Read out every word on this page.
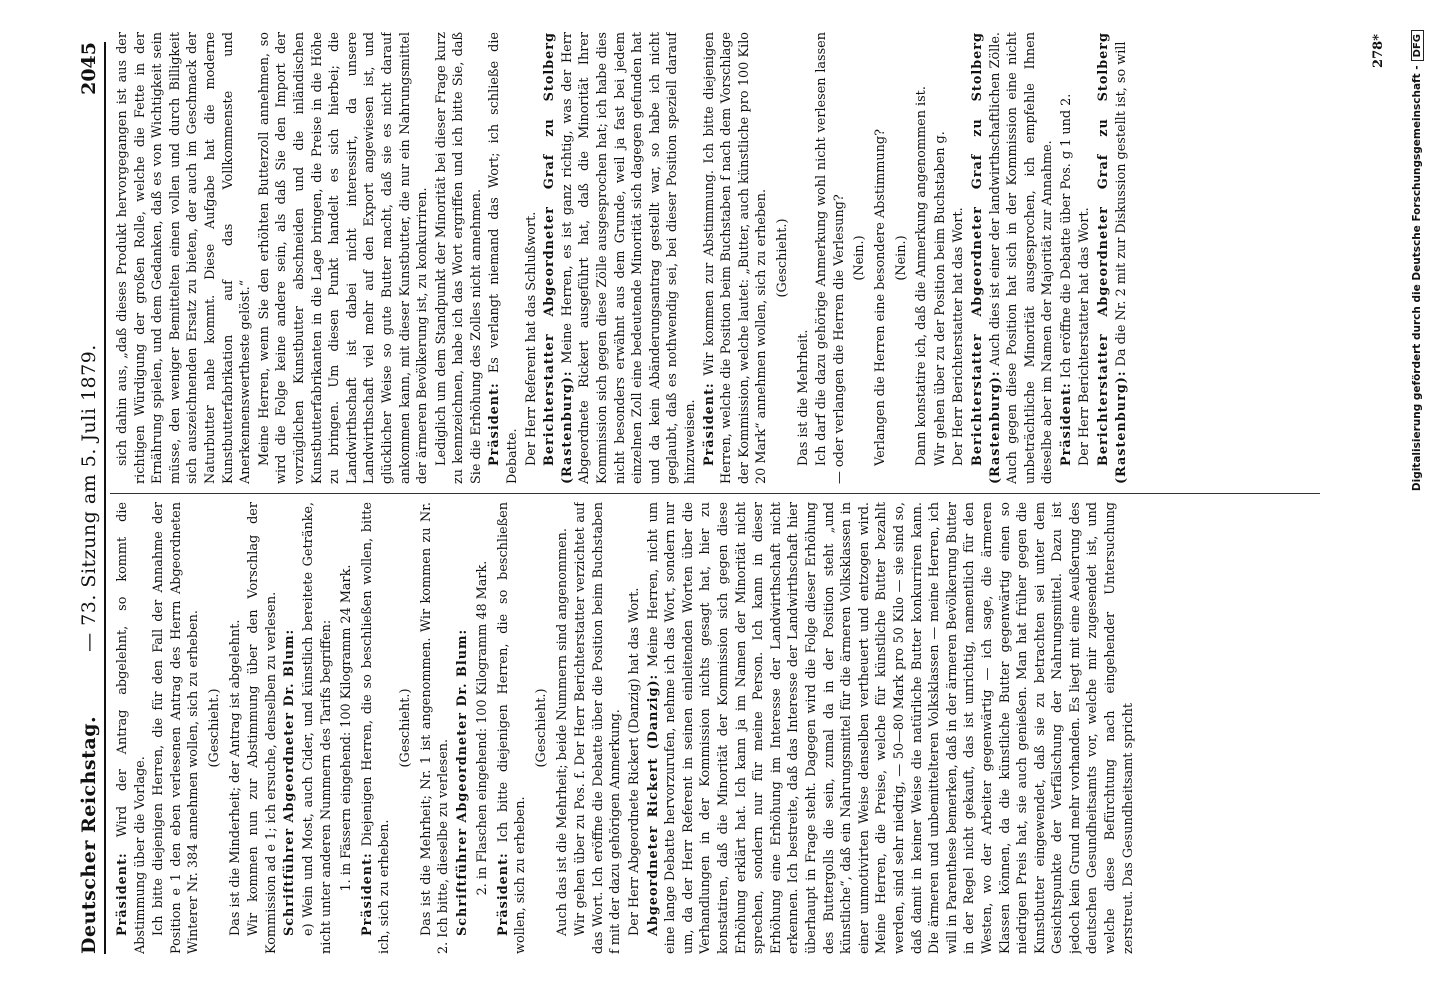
Deutscher Reichstag.
— 73. Sitzung am 5. Juli 1879.
2045
Präsident: Wird der Antrag abgelehnt, so kommt die Abstimmung über die Vorlage. Ich bitte diejenigen Herren, die für den Fall der Annahme der Position e 1 den eben verlesenen Antrag des Herrn Abgeordneten Winterer Nr. 384 annehmen wollen, sich zu erheben. (Geschieht.) Das ist die Minderheit; der Antrag ist abgelehnt. Wir kommen nun zur Abstimmung über den Vorschlag der Kommission ad e 1; ich ersuche, denselben zu verlesen. Schriftführer Abgeordneter Dr. Blum: e) Wein und Most, auch Cider, und künstlich bereitete Getränke, nicht unter anderen Nummern des Tarifs begriffen: 1. in Fässern eingehend: 100 Kilogramm 24 Mark.
Präsident: Diejenigen Herren, die so beschließen wollen, bitte ich, sich zu erheben.
(Geschieht.) Das ist die Mehrheit; Nr. 1 ist angenommen. Wir kommen zu Nr. 2. Ich bitte, dieselbe zu verlesen. Schriftführer Abgeordneter Dr. Blum: 2. in Flaschen eingehend: 100 Kilogramm 48 Mark. Präsident: Ich bitte diejenigen Herren, die so beschließen wollen, sich zu erheben.
(Geschieht.) Auch das ist die Mehrheit; beide Nummern sind angenommen. Wir gehen über zu Pos. f. Der Herr Berichterstatter verzichtet auf das Wort. Ich eröffne die Debatte über die Position beim Buchstaben f mit der dazu gehörigen Anmerkung. Der Herr Abgeordnete Rickert (Danzig) hat das Wort. Abgeordneter Rickert (Danzig): Meine Herren, nicht um eine lange Debatte hervorzurufen, nehme ich das Wort, sondern nur um, da der Herr Referent in seinen einleitenden Worten über die Verhandlungen in der Kommission nichts gesagt hat, hier zu konstatiren, daß die Minorität der Kommission sich gegen diese Erhöhung erklärt hat. Ich kann ja im Namen der Minorität nicht sprechen, sondern nur für meine Person. Ich kann in dieser Erhöhung eine Erhöhung im Interesse der Landwirthschaft nicht erkennen. Ich bestreite, daß das Interesse der Landwirthschaft hier überhaupt in Frage steht. Dagegen wird die Folge dieser Erhöhung des Buttergolls die sein, zumal da in der Position steht „und künstliche“, daß ein Nahrungsmittel für die ärmeren Volksklassen in einer unmotivirten Weise denselben vertheuert und entzogen wird. Meine Herren, die Preise, welche für künstliche Butter bezahlt werden, sind sehr niedrig, — 50—80 Mark pro 50 Kilo — sie sind so, daß damit in keiner Weise die natürliche Butter konkurriren kann. Die ärmeren und unbemittelteren Volksklassen — meine Herren, ich will in Parenthese bemerken, daß in der ärmeren Bevölkerung Butter in der Regel nicht gekauft, das ist unrichtig, namentlich für den Westen, wo der Arbeiter gegenwärtig — ich sage, die ärmeren Klassen können, da die künstliche Butter gegenwärtig einen so niedrigen Preis hat, sie auch genießen. Man hat früher gegen die Kunstbutter eingewendet, daß sie zu betrachten sei unter dem Gesichtspunkte der Verfälschung der Nahrungsmittel. Dazu ist jedoch kein Grund mehr vorhanden. Es liegt mit eine Aeußerung des deutschen Gesundheitsamts vor, welche mir zugesendet ist, und welche diese Befürchtung nach eingehender Untersuchung zerstreut. Das Gesundheitsamt spricht
sich dahin aus, „daß dieses Produkt hervorgegangen ist aus der richtigen Würdigung der großen Rolle, welche die Fette in der Ernährung spielen, und dem Gedanken, daß es von Wichtigkeit sein müsse, den weniger Bemittelten einen vollen und durch Billigkeit sich auszeichnenden Ersatz zu bieten, der auch im Geschmack der Naturbutter nahe kommt. Diese Aufgabe hat die moderne Kunstbutterfabrikation auf das Vollkommenste und Anerkennenswertheste gelöst.“ Meine Herren, wenn Sie den erhöhten Butterzoll annehmen, so wird die Folge keine andere sein, als daß Sie den Import der vorzüglichen Kunstbutter abschneiden und die inländischen Kunstbutterfabrikanten in die Lage bringen, die Preise in die Höhe zu bringen. Um diesen Punkt handelt es sich hierbei; die Landwirthschaft ist dabei nicht interessirt, da unsere Landwirthschaft viel mehr auf den Export angewiesen ist, und glücklicher Weise so gute Butter macht, daß sie es nicht darauf ankommen kann, mit dieser Kunstbutter, die nur ein Nahrungsmittel der ärmeren Bevölkerung ist, zu konkurriren. Lediglich um dem Standpunkt der Minorität bei dieser Frage kurz zu kennzeichnen, habe ich das Wort ergriffen und ich bitte Sie, daß Sie die Erhöhung des Zolles nicht annehmen. Präsident: Es verlangt niemand das Wort; ich schließe die Debatte. Der Herr Referent hat das Schlußwort. Berichterstatter Abgeordneter Graf zu Stolberg (Rastenburg): Meine Herren, es ist ganz richtig, was der Herr Abgeordnete Rickert ausgeführt hat, daß die Minorität Ihrer Kommission sich gegen diese Zölle ausgesprochen hat; ich habe dies nicht besonders erwähnt aus dem Grunde, weil ja fast bei jedem einzelnen Zoll eine bedeutende Minorität sich dagegen gefunden hat und da kein Abänderungsantrag gestellt war, so habe ich nicht geglaubt, daß es nothwendig sei, bei dieser Position speziell darauf hinzuweisen. Präsident: Wir kommen zur Abstimmung. Ich bitte diejenigen Herren, welche die Position beim Buchstaben f nach dem Vorschlage der Kommission, welche lautet: „Butter, auch künstliche pro 100 Kilo 20 Mark“ annehmen wollen, sich zu erheben. (Geschieht.)
Das ist die Mehrheit. Ich darf die dazu gehörige Anmerkung wohl nicht verlesen lassen — oder verlangen die Herren die Verlesung? (Nein.) Verlangen die Herren eine besondere Abstimmung? (Nein.) Dann konstatire ich, daß die Anmerkung angenommen ist. Wir gehen über zu der Position beim Buchstaben g. Der Herr Berichterstatter hat das Wort. Berichterstatter Abgeordneter Graf zu Stolberg (Rastenburg): Auch dies ist einer der landwirthschaftlichen Zölle. Auch gegen diese Position hat sich in der Kommission eine nicht unbeträchtliche Minorität ausgesprochen, ich empfehle Ihnen dieselbe aber im Namen der Majorität zur Annahme. Präsident: Ich eröffne die Debatte über Pos. g 1 und 2. Der Herr Berichterstatter hat das Wort. Berichterstatter Abgeordneter Graf zu Stolberg (Rastenburg): Da die Nr. 2 mit zur Diskussion gestellt ist, so will	278*
Digitalisierung gefördert durch die Deutsche Forschungsgemeinschaft -DFG
